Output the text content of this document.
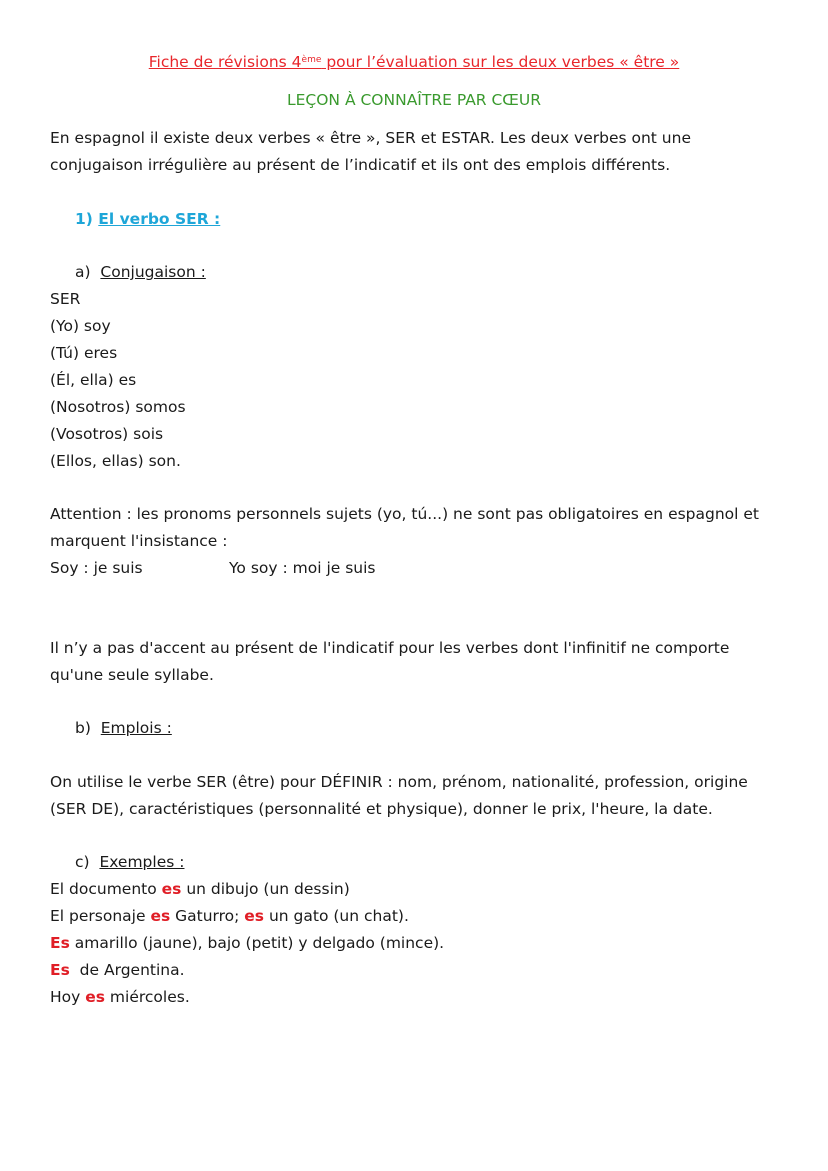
Fiche de révisions 4ème pour l’évaluation sur les deux verbes « être »
LEÇON À CONNAÎTRE PAR CŒUR
En espagnol il existe deux verbes « être », SER et ESTAR. Les deux verbes ont une
conjugaison irrégulière au présent de l’indicatif et ils ont des emplois différents.
1) El verbo SER :
a) Conjugaison :
SER
(Yo) soy
(Tú) eres
(Él, ella) es
(Nosotros) somos
(Vosotros) sois
(Ellos, ellas) son.
Attention : les pronoms personnels sujets (yo, tú...) ne sont pas obligatoires en espagnol et
marquent l'insistance :
Soy : je suis	Yo soy : moi je suis
Il n’y a pas d'accent au présent de l'indicatif pour les verbes dont l'infinitif ne comporte
qu'une seule syllabe.
b) Emplois :
On utilise le verbe SER (être) pour DÉFINIR : nom, prénom, nationalité, profession, origine
(SER DE), caractéristiques (personnalité et physique), donner le prix, l'heure, la date.
c) Exemples :
El documento es un dibujo (un dessin)
El personaje es Gaturro; es un gato (un chat).
Es amarillo (jaune), bajo (petit) y delgado (mince).
Es  de Argentina.
Hoy es miércoles.
